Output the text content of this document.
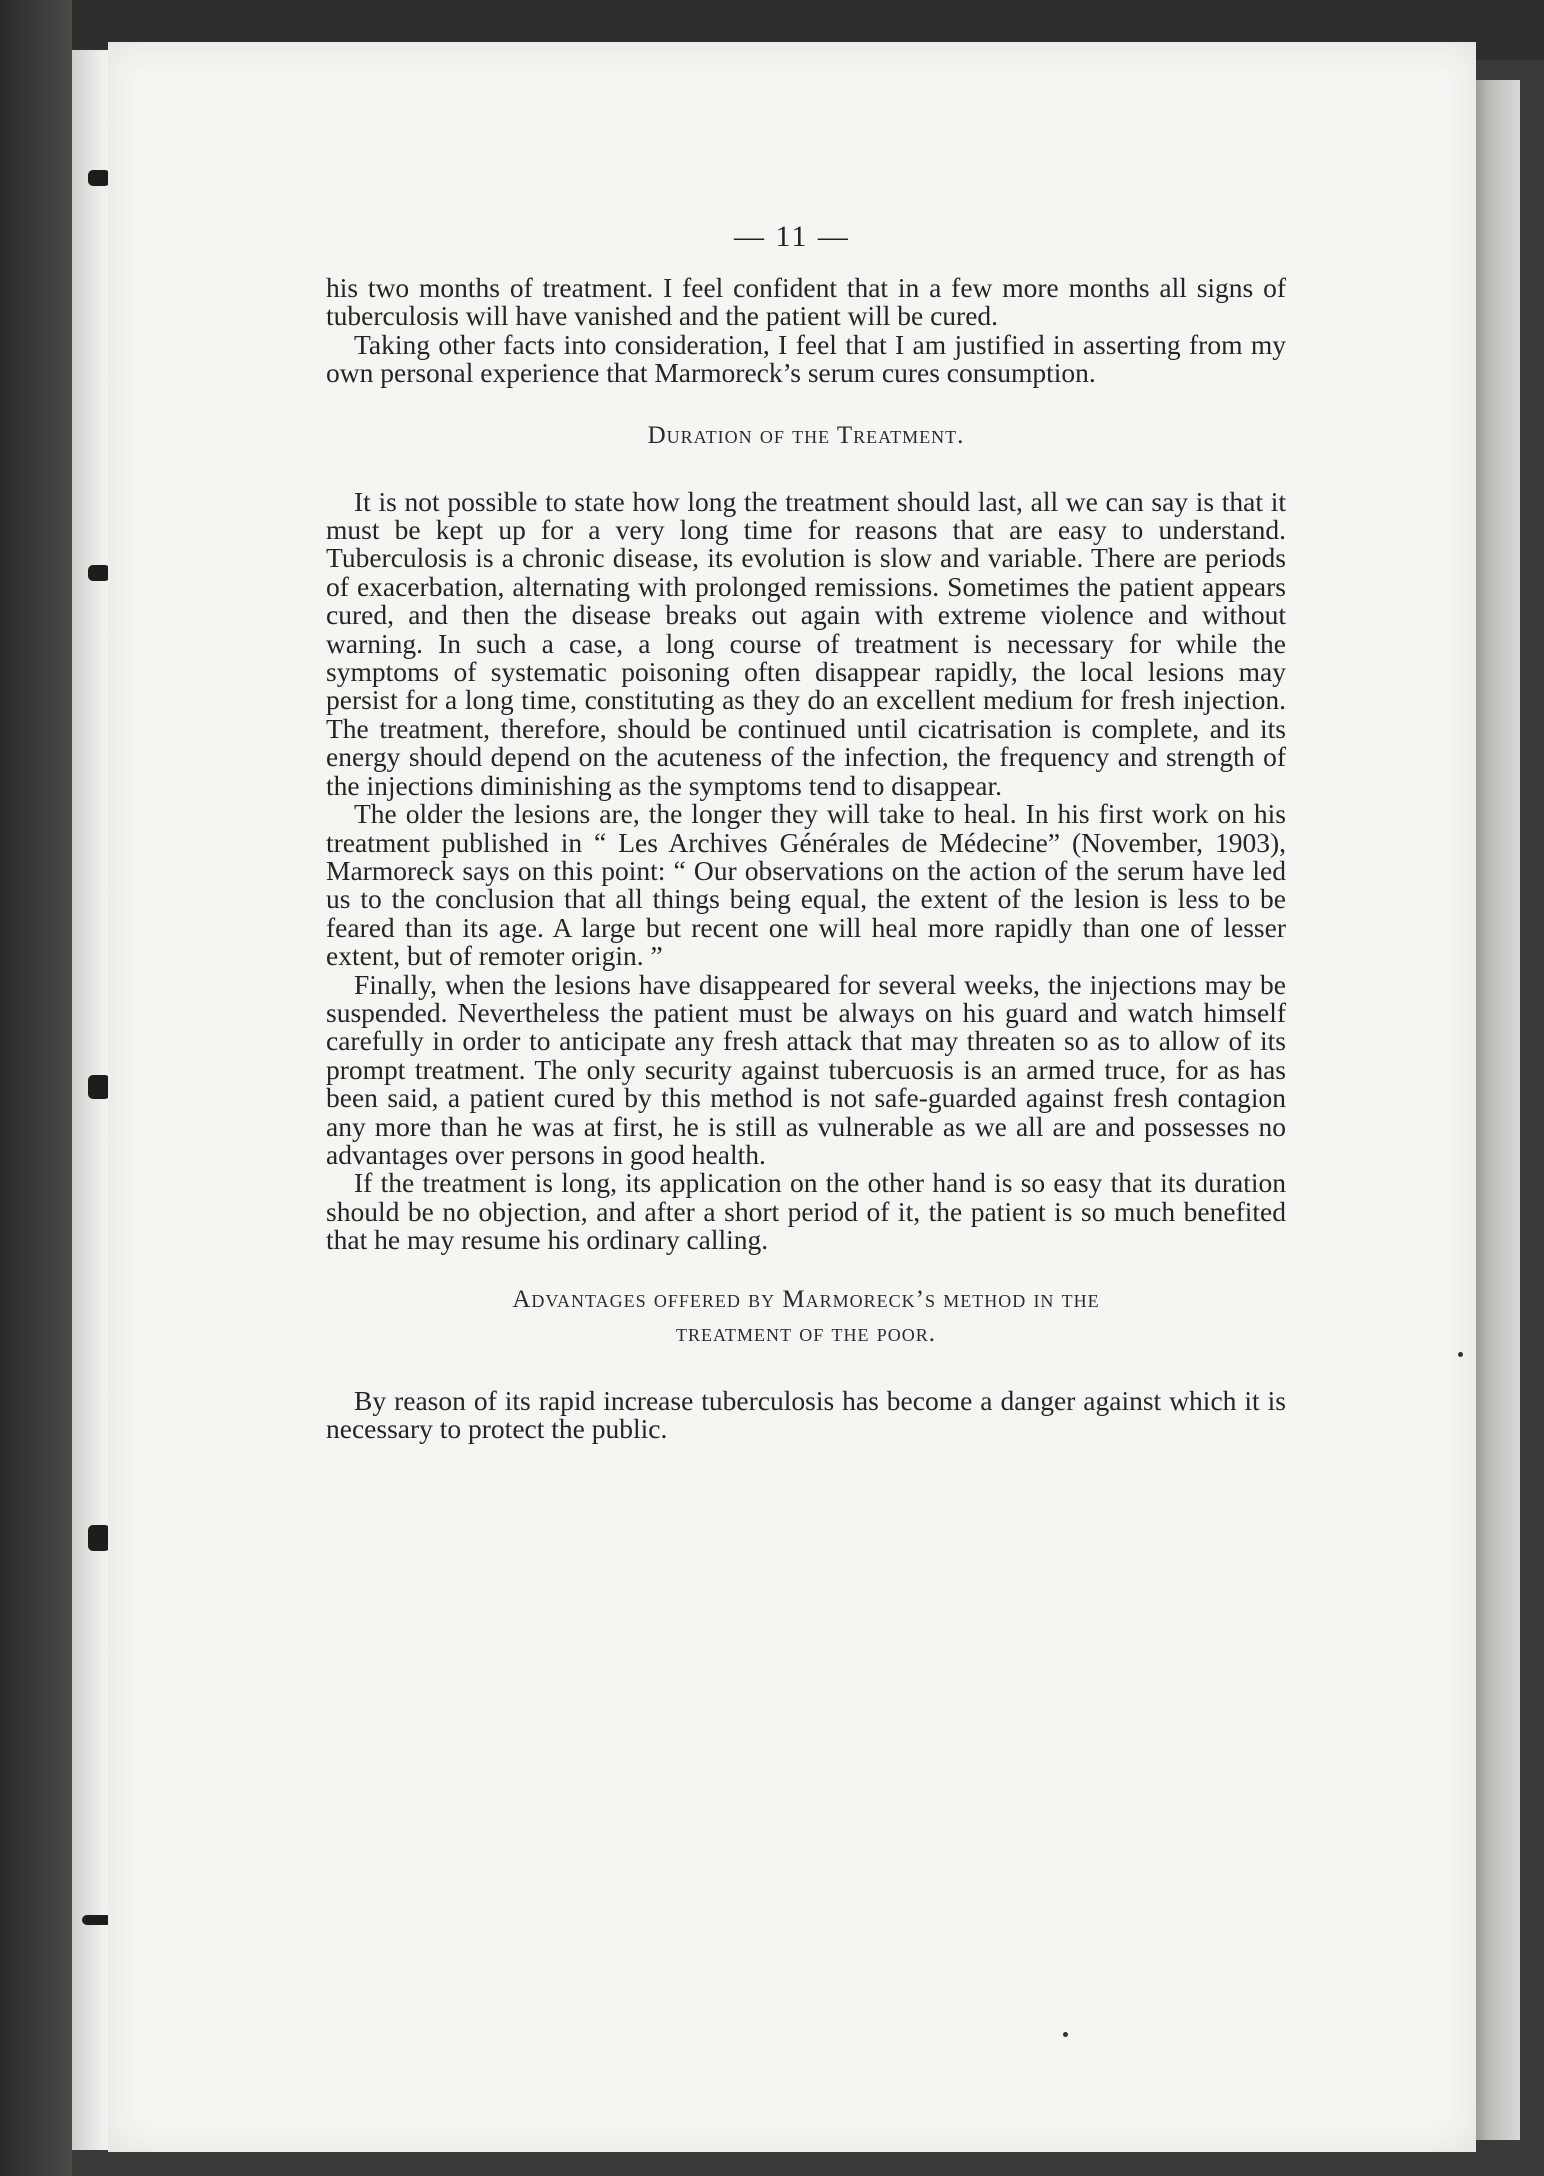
— 11 —

his two months of treatment. I feel confident that in a few more months all signs of tuberculosis will have vanished and the patient will be cured.

Taking other facts into consideration, I feel that I am justified in asserting from my own personal experience that Marmoreck’s serum cures consumption.

Duration of the Treatment.

It is not possible to state how long the treatment should last, all we can say is that it must be kept up for a very long time for reasons that are easy to understand. Tuberculosis is a chronic disease, its evolution is slow and variable. There are periods of exacerbation, alternating with prolonged remissions. Sometimes the patient appears cured, and then the disease breaks out again with extreme violence and without warning. In such a case, a long course of treatment is necessary for while the symptoms of systematic poisoning often disappear rapidly, the local lesions may persist for a long time, constituting as they do an excellent medium for fresh injection. The treatment, therefore, should be continued until cicatrisation is complete, and its energy should depend on the acuteness of the infection, the frequency and strength of the injections diminishing as the symptoms tend to disappear.

The older the lesions are, the longer they will take to heal. In his first work on his treatment published in “ Les Archives Générales de Médecine” (November, 1903), Marmoreck says on this point: “ Our observations on the action of the serum have led us to the conclusion that all things being equal, the extent of the lesion is less to be feared than its age. A large but recent one will heal more rapidly than one of lesser extent, but of remoter origin. ”

Finally, when the lesions have disappeared for several weeks, the injections may be suspended. Nevertheless the patient must be always on his guard and watch himself carefully in order to anticipate any fresh attack that may threaten so as to allow of its prompt treatment. The only security against tubercuosis is an armed truce, for as has been said, a patient cured by this method is not safe-guarded against fresh contagion any more than he was at first, he is still as vulnerable as we all are and possesses no advantages over persons in good health.

If the treatment is long, its application on the other hand is so easy that its duration should be no objection, and after a short period of it, the patient is so much benefited that he may resume his ordinary calling.

Advantages offered by Marmoreck’s method in the
treatment of the poor.

By reason of its rapid increase tuberculosis has become a danger against which it is necessary to protect the public.
